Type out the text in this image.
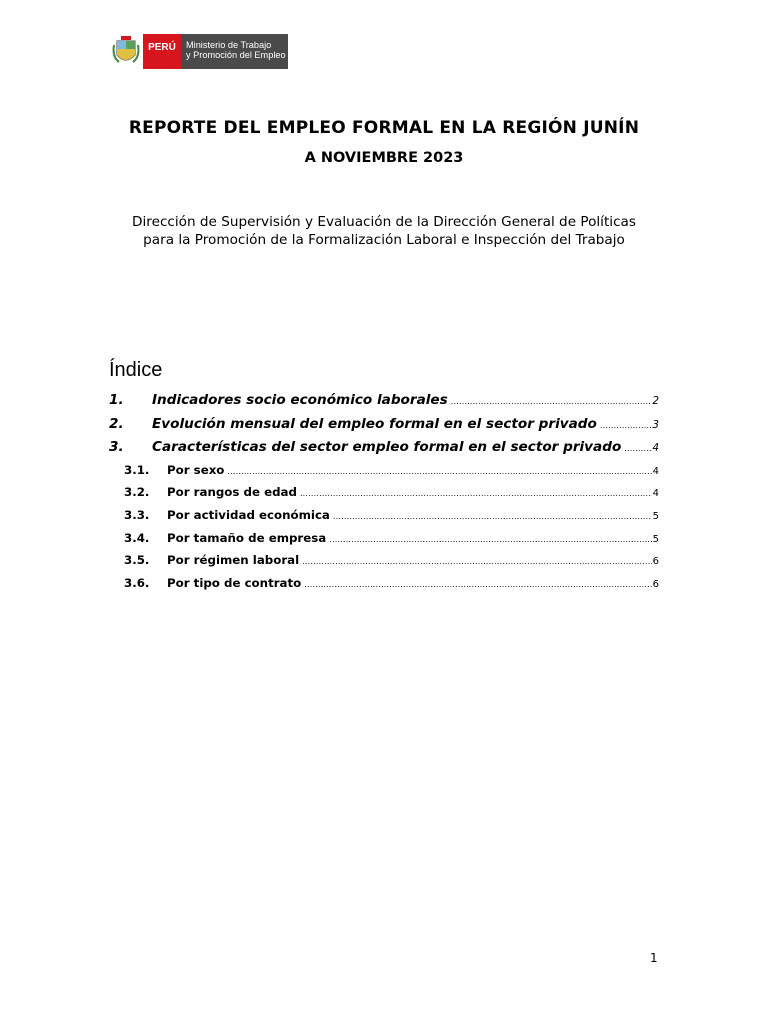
PERÚ	Ministerio de Trabajo
y Promoción del Empleo
REPORTE DEL EMPLEO FORMAL EN LA REGIÓN JUNÍN
A NOVIEMBRE 2023
Dirección de Supervisión y Evaluación de la Dirección General de Políticas
para la Promoción de la Formalización Laboral e Inspección del Trabajo
Índice
1.	Indicadores socio económico laborales .....	2
2.	Evolución mensual del empleo formal en el sector privado .....	3
3.	Características del sector empleo formal en el sector privado .....	4
3.1.	Por sexo .....	4
3.2.	Por rangos de edad .....	4
3.3.	Por actividad económica .....	5
3.4.	Por tamaño de empresa .....	5
3.5.	Por régimen laboral .....	6
3.6.	Por tipo de contrato .....	6
1
